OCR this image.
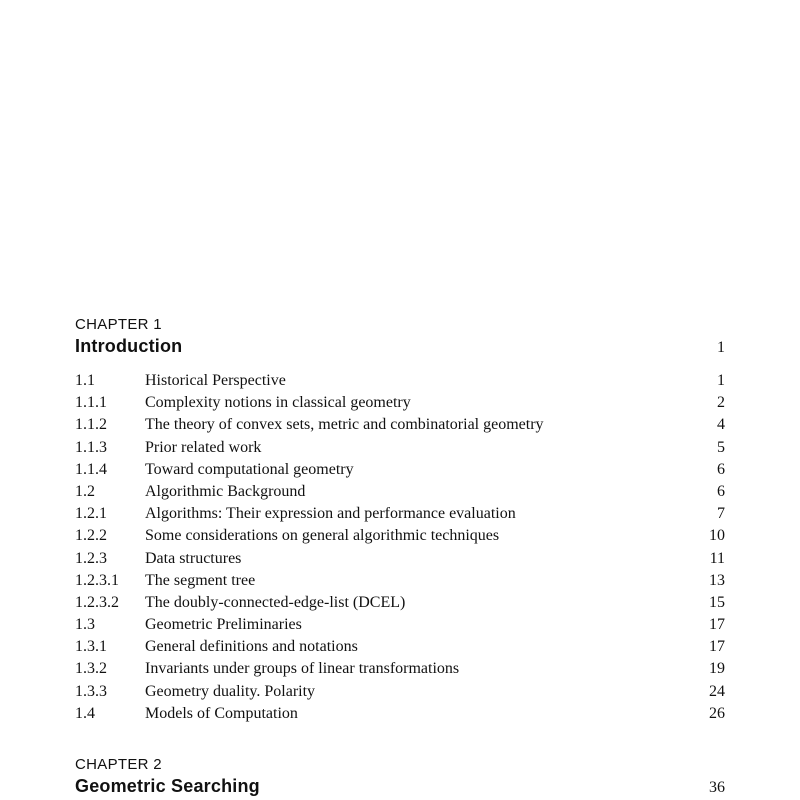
CHAPTER 1
Introduction	1
1.1	Historical Perspective	1
1.1.1 Complexity notions in classical geometry	2
1.1.2 The theory of convex sets, metric and combinatorial geometry	4
1.1.3 Prior related work	5
1.1.4 Toward computational geometry	6
1.2	Algorithmic Background	6
1.2.1 Algorithms: Their expression and performance evaluation	7
1.2.2 Some considerations on general algorithmic techniques	10
1.2.3 Data structures	11
1.2.3.1 The segment tree	13
1.2.3.2 The doubly-connected-edge-list (DCEL)	15
1.3	Geometric Preliminaries	17
1.3.1 General definitions and notations	17
1.3.2 Invariants under groups of linear transformations	19
1.3.3 Geometry duality. Polarity	24
1.4	Models of Computation	26
CHAPTER 2
Geometric Searching	36
